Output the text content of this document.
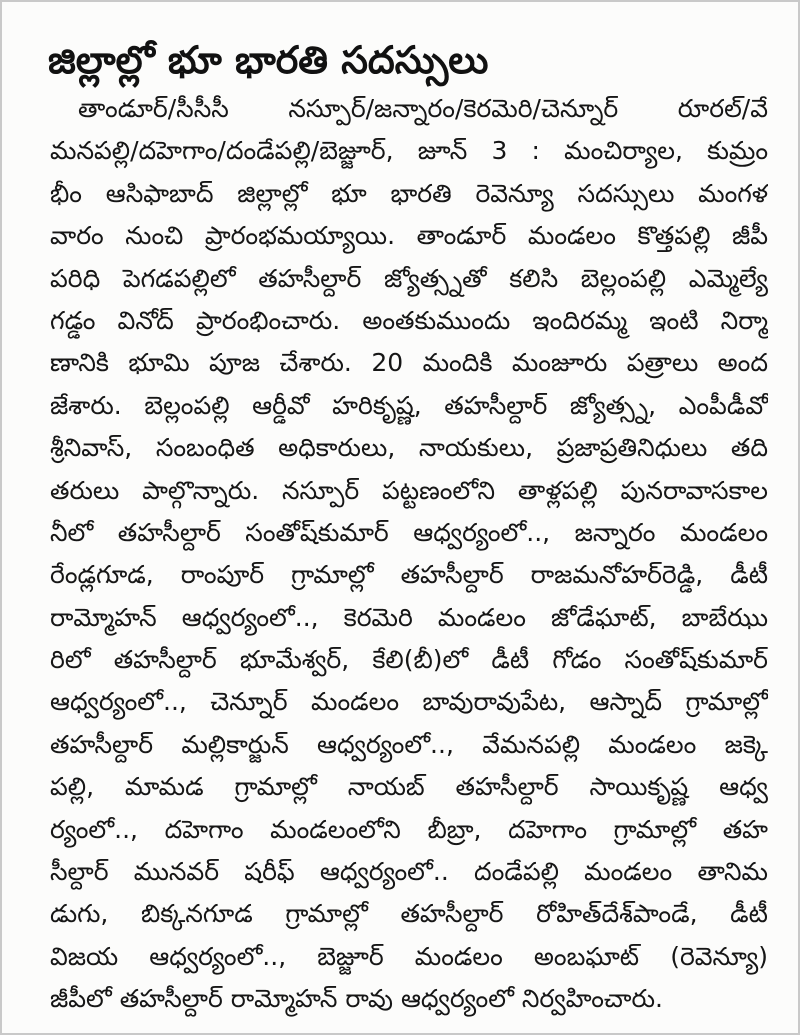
జిల్లాల్లో భూ భారతి సదస్సులు
తాండూర్/సీసీసీ నస్పూర్/జన్నారం/కెరమెరి/చెన్నూర్ రూరల్/వే
మనపల్లి/దహెగాం/దండేపల్లి/బెజ్జూర్, జూన్ 3 : మంచిర్యాల, కుమ్రం
భీం ఆసిఫాబాద్ జిల్లాల్లో భూ భారతి రెవెన్యూ సదస్సులు మంగళ
వారం నుంచి ప్రారంభమయ్యాయి. తాండూర్ మండలం కొత్తపల్లి జీపీ
పరిధి పెగడపల్లిలో తహసీల్దార్ జ్యోత్స్నతో కలిసి బెల్లంపల్లి ఎమ్మెల్యే
గడ్డం వినోద్ ప్రారంభించారు. అంతకుముందు ఇందిరమ్మ ఇంటి నిర్మా
ణానికి భూమి పూజ చేశారు. 20 మందికి మంజూరు పత్రాలు అంద
జేశారు. బెల్లంపల్లి ఆర్డీవో హరికృష్ణ, తహసీల్దార్ జ్యోత్స్న, ఎంపీడీవో
శ్రీనివాస్, సంబంధిత అధికారులు, నాయకులు, ప్రజాప్రతినిధులు తది
తరులు పాల్గొన్నారు. నస్పూర్ పట్టణంలోని తాళ్లపల్లి పునరావాసకాల
నీలో తహసీల్దార్ సంతోష్‌కుమార్ ఆధ్వర్యంలో.., జన్నారం మండలం
రేండ్లగూడ, రాంపూర్ గ్రామాల్లో తహసీల్దార్ రాజమనోహర్‌రెడ్డి, డీటీ
రామ్మోహన్ ఆధ్వర్యంలో.., కెరమెరి మండలం జోడేఘాట్, బాబేఝు
రిలో తహసీల్దార్ భూమేశ్వర్, కేలి(బీ)లో డీటీ గోడం సంతోష్‌కుమార్
ఆధ్వర్యంలో.., చెన్నూర్ మండలం బావురావుపేట, ఆస్నాద్ గ్రామాల్లో
తహసీల్దార్ మల్లికార్జున్ ఆధ్వర్యంలో.., వేమనపల్లి మండలం జక్కె
పల్లి, మామడ గ్రామాల్లో నాయబ్ తహసీల్దార్ సాయికృష్ణ ఆధ్వ
ర్యంలో.., దహెగాం మండలంలోని బీబ్రా, దహెగాం గ్రామాల్లో తహ
సీల్దార్ మునవర్ షరీఫ్ ఆధ్వర్యంలో.. దండేపల్లి మండలం తానిమ
డుగు, బిక్కనగూడ గ్రామాల్లో తహసీల్దార్ రోహిత్‌దేశ్‌పాండే, డీటీ
విజయ ఆధ్వర్యంలో.., బెజ్జూర్ మండలం అంబఘాట్ (రెవెన్యూ)
జీపీలో తహసీల్దార్ రామ్మోహన్ రావు ఆధ్వర్యంలో నిర్వహించారు.
